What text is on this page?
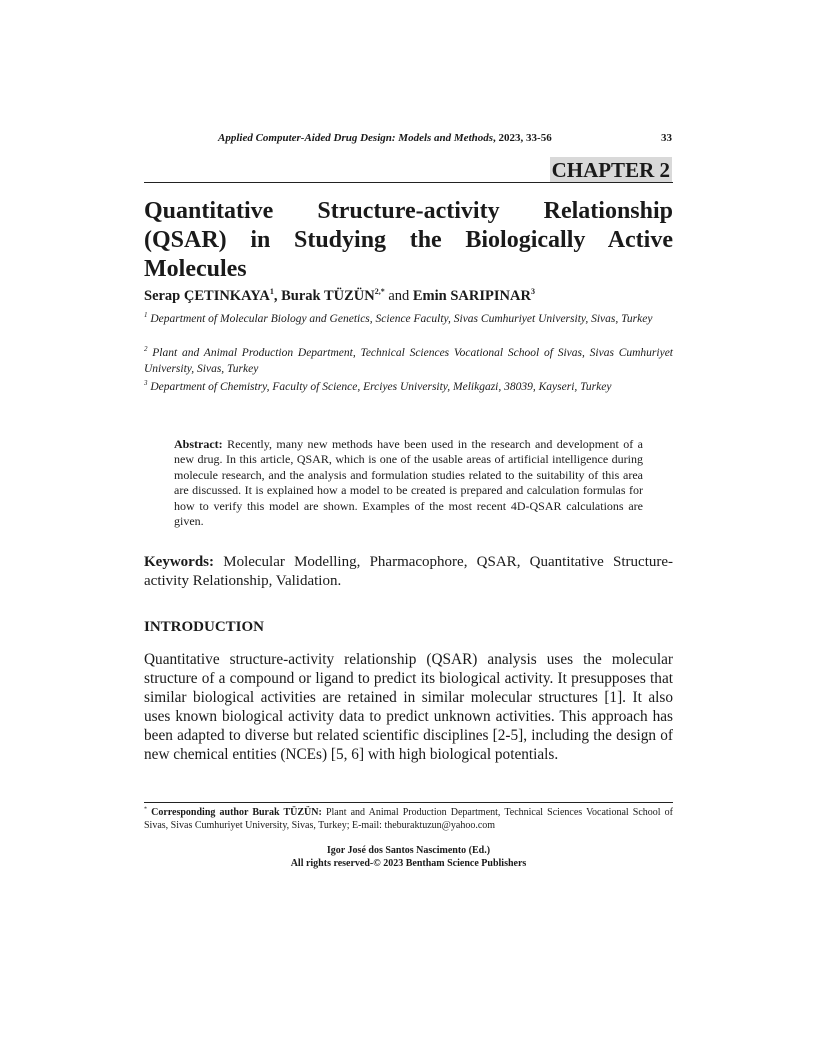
Applied Computer-Aided Drug Design: Models and Methods, 2023, 33-56	33
CHAPTER 2
Quantitative Structure-activity Relationship (QSAR) in Studying the Biologically Active Molecules
Serap ÇETINKAYA$^1$, Burak $TÜZÜN^{2,*}$ and Emin SARIPINAR$^3$
$^1$ Department of Molecular Biology and Genetics, Science Faculty, Sivas Cumhuriyet University, Sivas, Turkey
$^2$ Plant and Animal Production Department, Technical Sciences Vocational School of Sivas, Sivas Cumhuriyet University, Sivas, Turkey
$^3$ Department of Chemistry, Faculty of Science, Erciyes University, Melikgazi, 38039, Kayseri, Turkey
Abstract: Recently, many new methods have been used in the research and development of a new drug. In this article, QSAR, which is one of the usable areas of artificial intelligence during molecule research, and the analysis and formulation studies related to the suitability of this area are discussed. It is explained how a model to be created is prepared and calculation formulas for how to verify this model are shown. Examples of the most recent 4D-QSAR calculations are given.
Keywords: Molecular Modelling, Pharmacophore, QSAR, Quantitative Structure-activity Relationship, Validation.
INTRODUCTION
Quantitative structure-activity relationship (QSAR) analysis uses the molecular structure of a compound or ligand to predict its biological activity. It presupposes that similar biological activities are retained in similar molecular structures [1]. It also uses known biological activity data to predict unknown activities. This approach has been adapted to diverse but related scientific disciplines [2-5], including the design of new chemical entities (NCEs) [5, 6] with high biological potentials.
* Corresponding author Burak TÜZÜN: Plant and Animal Production Department, Technical Sciences Vocational School of Sivas, Sivas Cumhuriyet University, Sivas, Turkey; E-mail: theburaktuzun@yahoo.com
Igor José dos Santos Nascimento (Ed.)
All rights reserved-© 2023 Bentham Science Publishers
